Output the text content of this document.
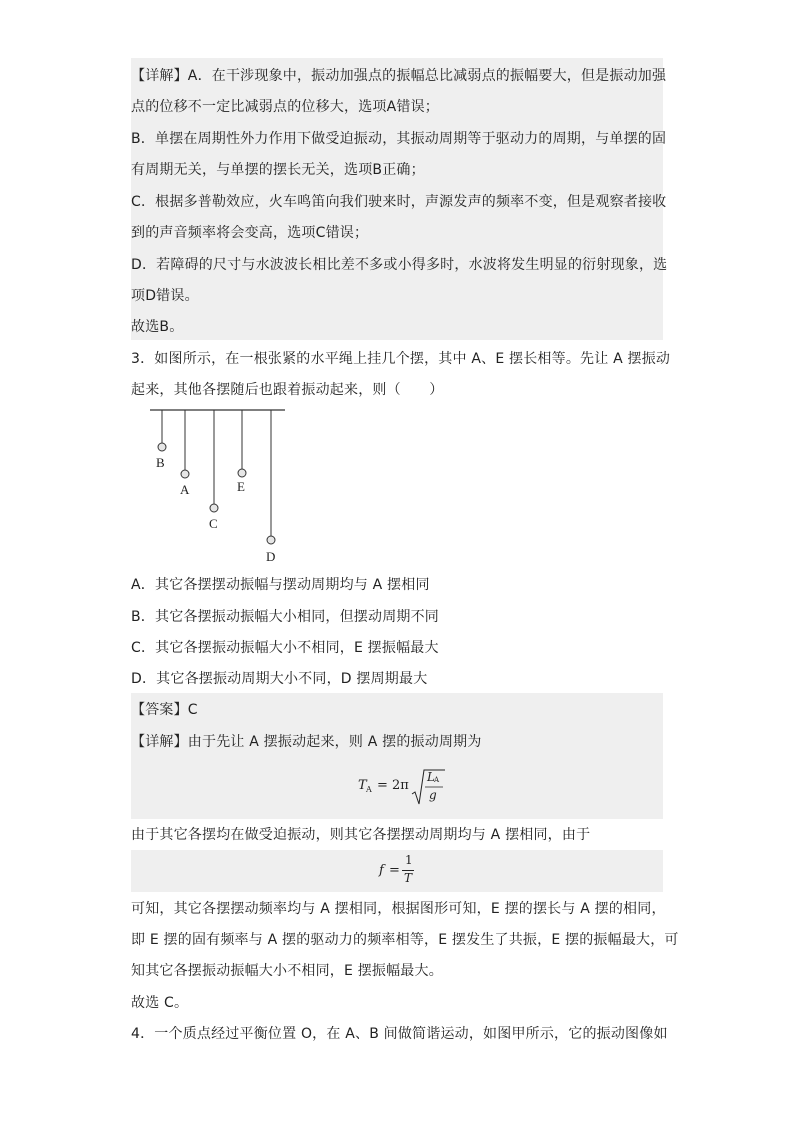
【详解】A．在干涉现象中，振动加强点的振幅总比减弱点的振幅要大，但是振动加强
点的位移不一定比减弱点的位移大，选项A错误；
B．单摆在周期性外力作用下做受迫振动，其振动周期等于驱动力的周期，与单摆的固
有周期无关，与单摆的摆长无关，选项B正确；
C．根据多普勒效应，火车鸣笛向我们驶来时，声源发声的频率不变，但是观察者接收
到的声音频率将会变高，选项C错误；
D．若障碍的尺寸与水波波长相比差不多或小得多时，水波将发生明显的衍射现象，选
项D错误。
故选B。
3．如图所示，在一根张紧的水平绳上挂几个摆，其中 A、E 摆长相等。先让 A 摆振动
起来，其他各摆随后也跟着振动起来，则（　　）
B
A
C
E
D
A．其它各摆摆动振幅与摆动周期均与 A 摆相同
B．其它各摆振动振幅大小相同，但摆动周期不同
C．其它各摆振动振幅大小不相同，E 摆振幅最大
D．其它各摆振动周期大小不同，D 摆周期最大
【答案】C
【详解】由于先让 A 摆振动起来，则 A 摆的振动周期为
T A = 2π
L A
g
由于其它各摆均在做受迫振动，则其它各摆摆动周期均与 A 摆相同，由于
f =
1
T
可知，其它各摆摆动频率均与 A 摆相同，根据图形可知，E 摆的摆长与 A 摆的相同，
即 E 摆的固有频率与 A 摆的驱动力的频率相等，E 摆发生了共振，E 摆的振幅最大，可
知其它各摆振动振幅大小不相同，E 摆振幅最大。
故选 C。
4．一个质点经过平衡位置 O，在 A、B 间做简谐运动，如图甲所示，它的振动图像如
